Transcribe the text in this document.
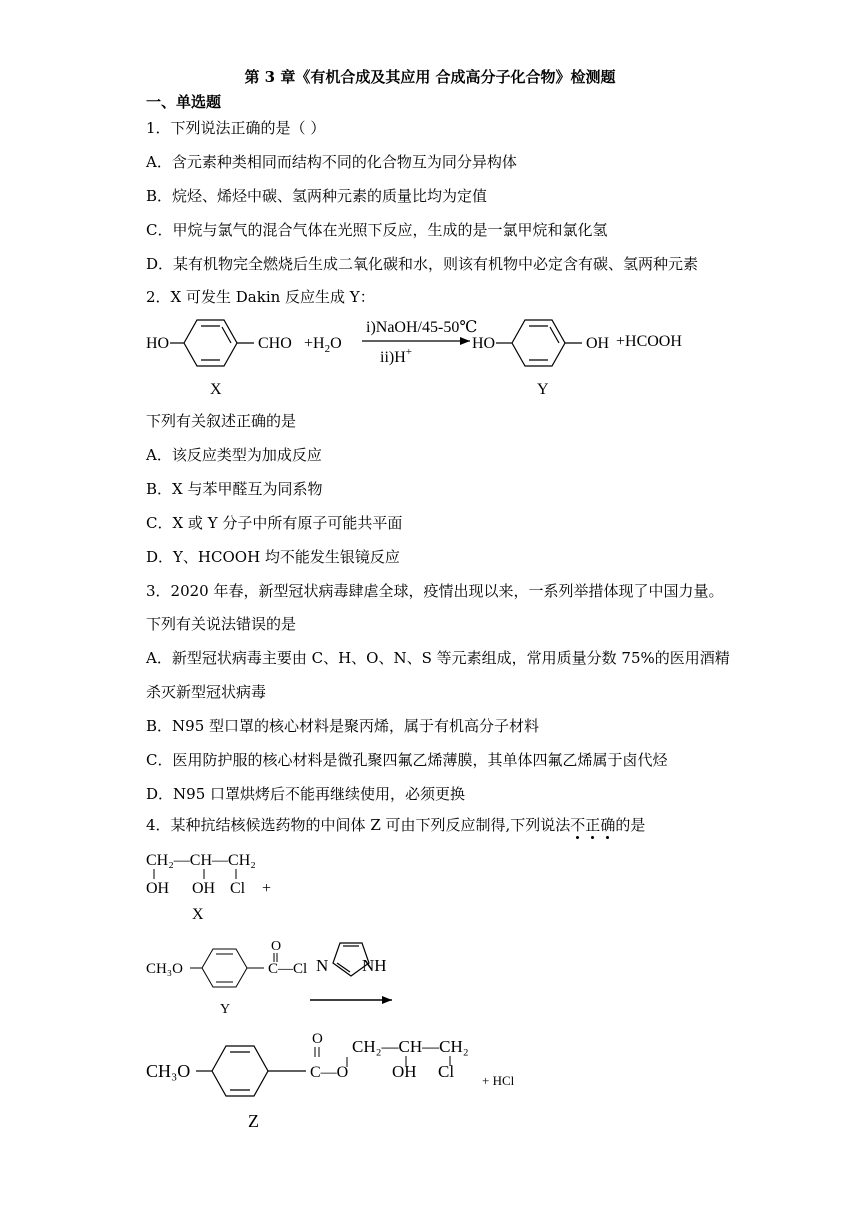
第 3 章《有机合成及其应用 合成高分子化合物》检测题
一、单选题
1．下列说法正确的是（ ）
A．含元素种类相同而结构不同的化合物互为同分异构体
B．烷烃、烯烃中碳、氢两种元素的质量比均为定值
C．甲烷与氯气的混合气体在光照下反应，生成的是一氯甲烷和氯化氢
D．某有机物完全燃烧后生成二氧化碳和水，则该有机物中必定含有碳、氢两种元素
2．X 可发生 Dakin 反应生成 Y：
HO	CHO $+H_2O$
i)NaOH/45-50℃
ii)H+	HO	OH +HCOOH
X	Y
下列有关叙述正确的是
A．该反应类型为加成反应
B．X 与苯甲醛互为同系物
C．X 或 Y 分子中所有原子可能共平面
D．Y、HCOOH 均不能发生银镜反应
3．2020 年春，新型冠状病毒肆虐全球，疫情出现以来，一系列举措体现了中国力量。
下列有关说法错误的是
A．新型冠状病毒主要由 C、H、O、N、S 等元素组成，常用质量分数 75%的医用酒精
杀灭新型冠状病毒
B．N95 型口罩的核心材料是聚丙烯，属于有机高分子材料
C．医用防护服的核心材料是微孔聚四氟乙烯薄膜，其单体四氟乙烯属于卤代烃
D．N95 口罩烘烤后不能再继续使用，必须更换
4．某种抗结核候选药物的中间体 Z 可由下列反应制得,下列说法不正确的是
CH₂—CH—CH₂
OH OH Cl +
X
CH₃O
O
C—Cl
Y
N NH
CH₃O
O
C—O
CH₂—CH—CH₂
OH Cl + HCl
Z
